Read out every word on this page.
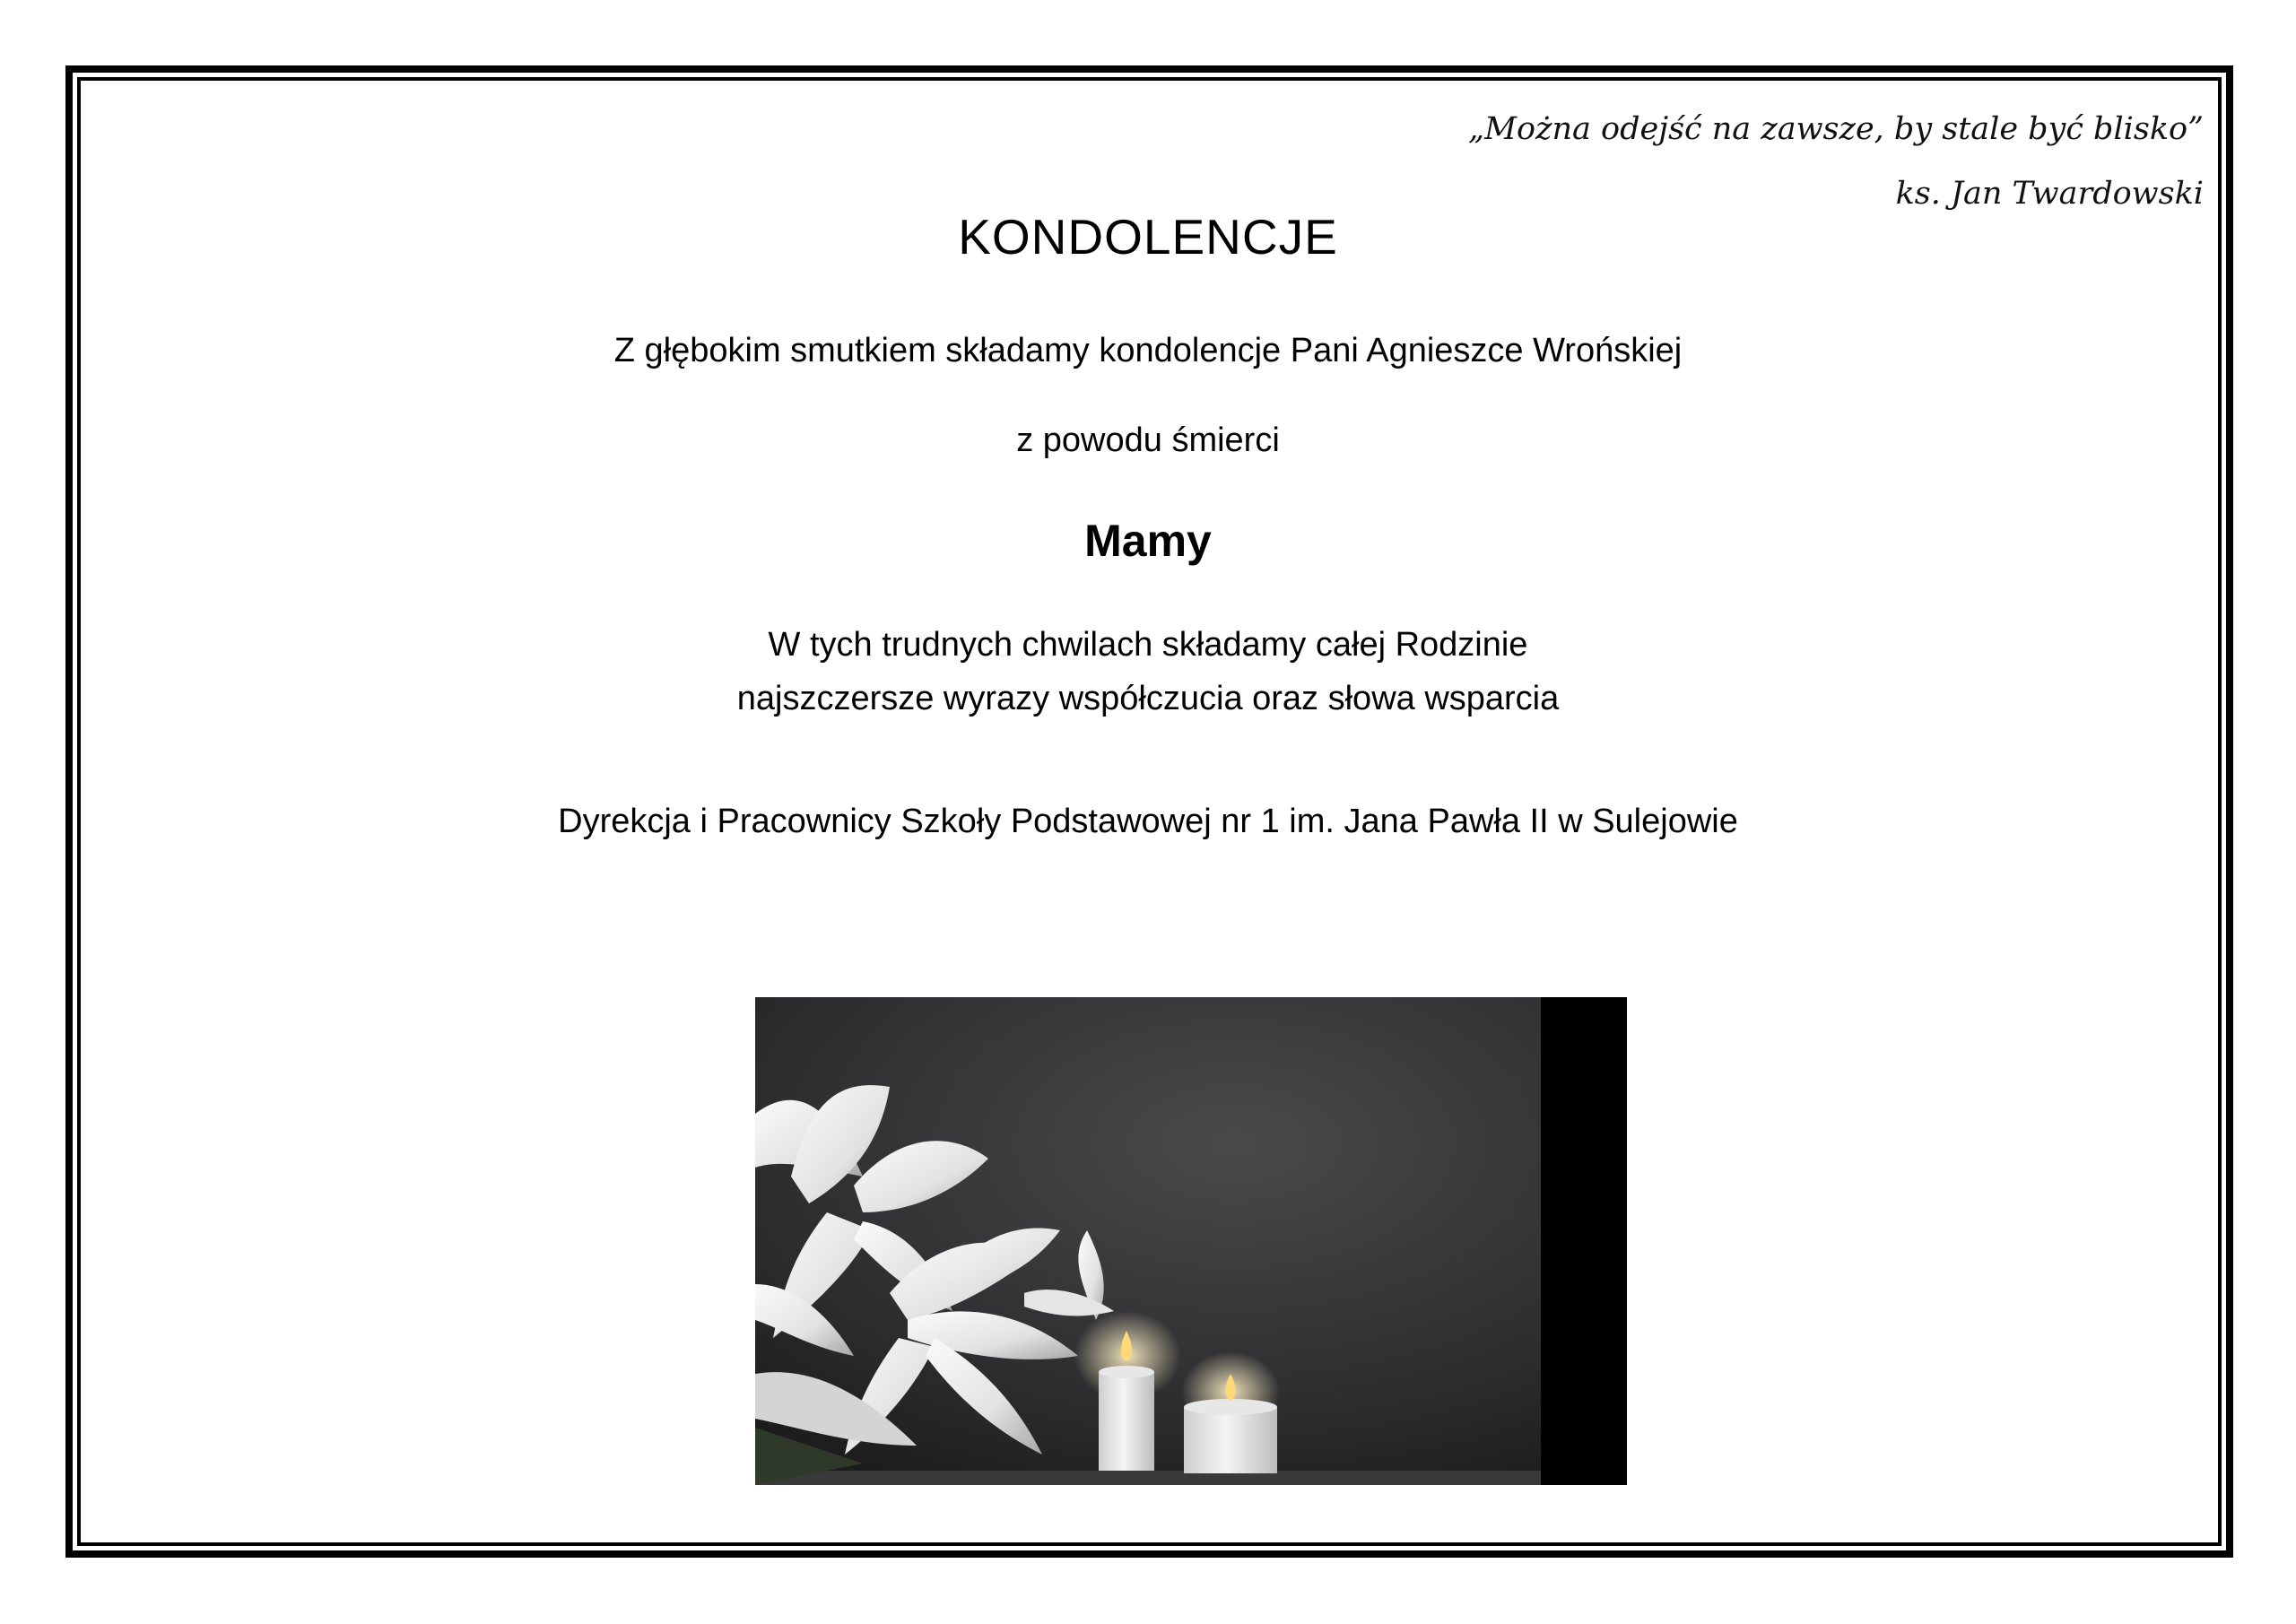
„Można odejść na zawsze, by stale być blisko”
ks. Jan Twardowski
KONDOLENCJE
Z głębokim smutkiem składamy kondolencje Pani Agnieszce Wrońskiej
z powodu śmierci
Mamy
W tych trudnych chwilach składamy całej Rodzinie
najszczersze wyrazy współczucia oraz słowa wsparcia
Dyrekcja i Pracownicy Szkoły Podstawowej nr 1 im. Jana Pawła II w Sulejowie
